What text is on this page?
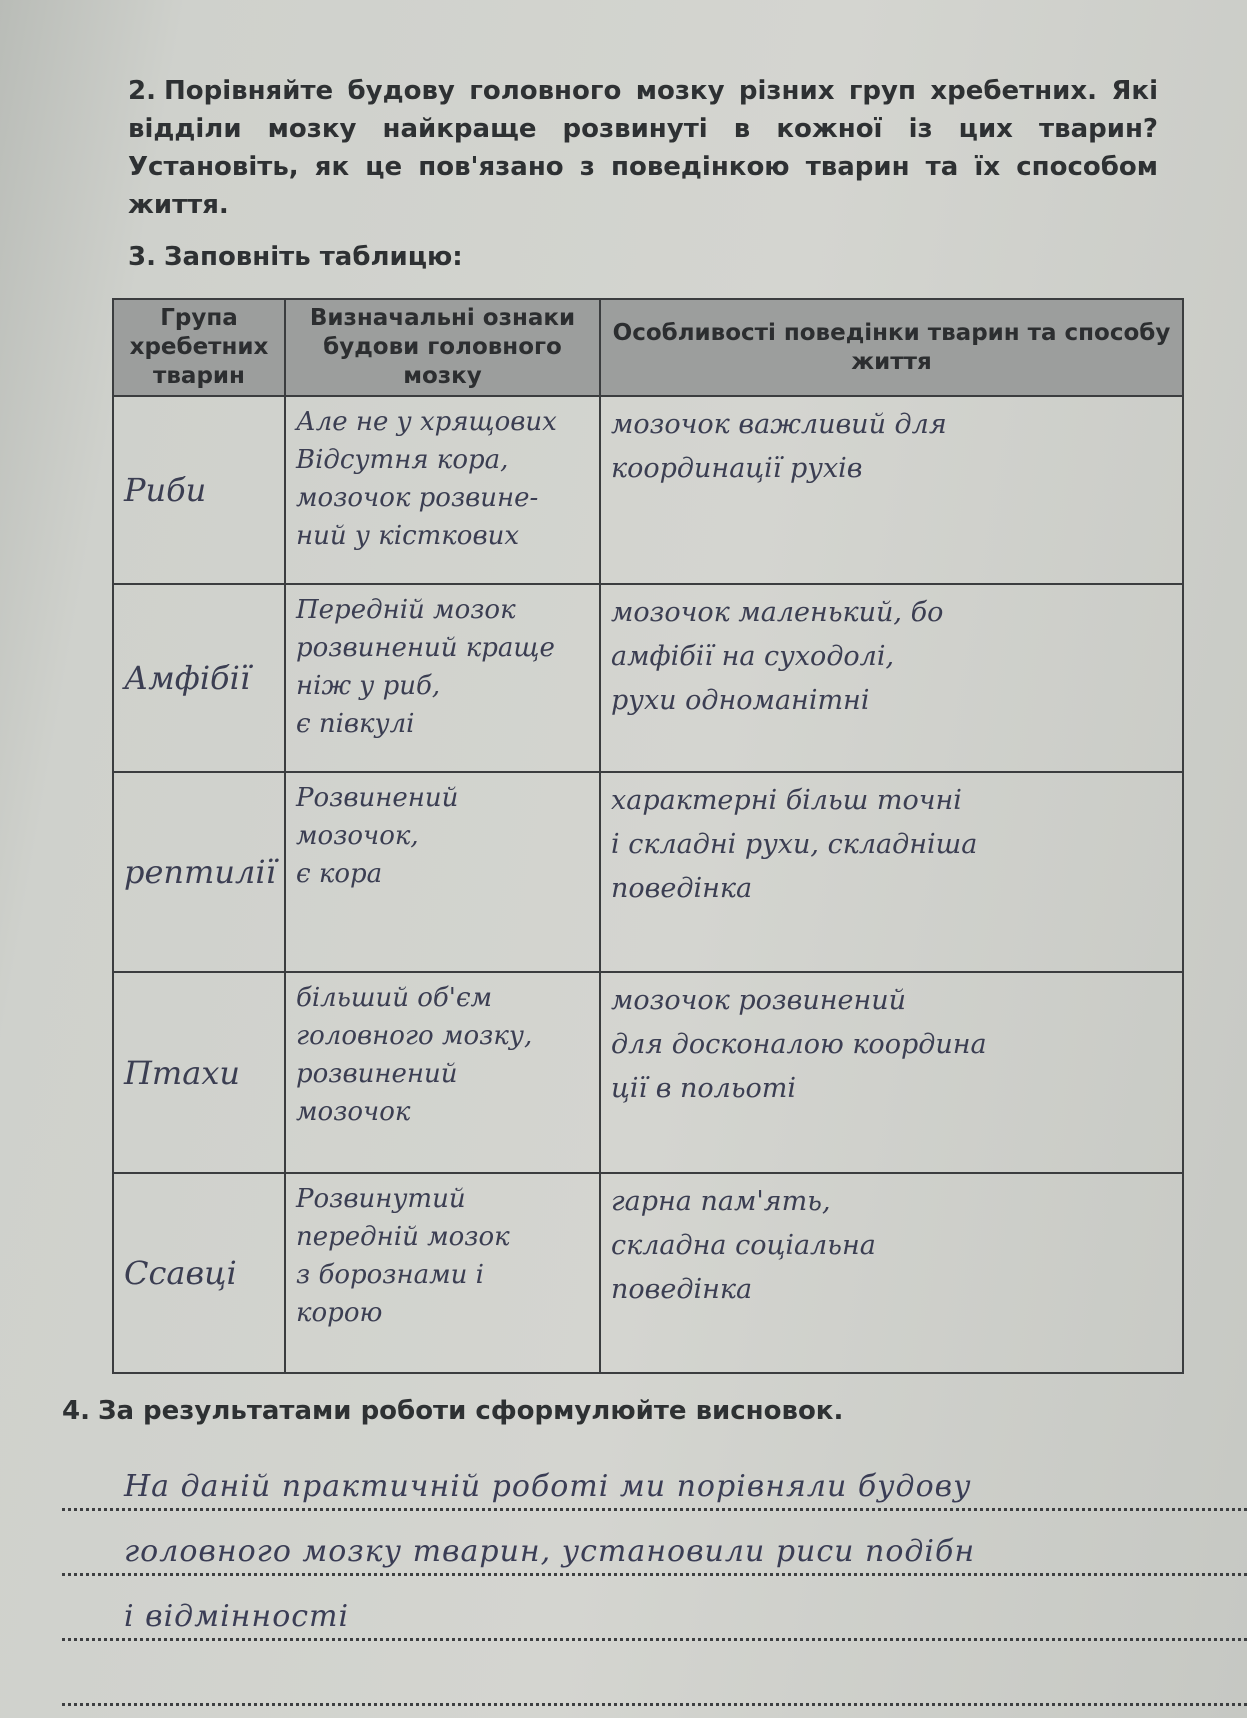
2. Порівняйте будову головного мозку різних груп хребетних. Які відділи мозку найкраще розвинуті в кожної із цих тварин? Установіть, як це пов'язано з поведінкою тварин та їх способом життя.
3. Заповніть таблицю:
Група хребетних тварин	Визначальні ознаки будови головного мозку	Особливості поведінки тварин та способу життя
Риби	Але не у хрящових
Відсутня кора,
мозочок розвине-
ний у кісткових	мозочок важливий для
координації рухів

Амфібії	Передній мозок
розвинений краще
ніж у риб,
є півкулі	мозочок маленький, бо
амфібії на суходолі,
рухи одноманітні

рептилії	Розвинений
мозочок,
є кора	характерні більш точні
і складні рухи, складніша
поведінка

Птахи	більший об'єм
головного мозку,
розвинений
мозочок	мозочок розвинений
для досконалою координа
ції в польоті

Ссавці	Розвинутий
передній мозок
з борознами і
корою	гарна пам'ять,
складна соціальна
поведінка
4. За результатами роботи сформулюйте висновок.
На даній практичній роботі ми порівняли будову
головного мозку тварин, установили риси подібн
і відмінності
